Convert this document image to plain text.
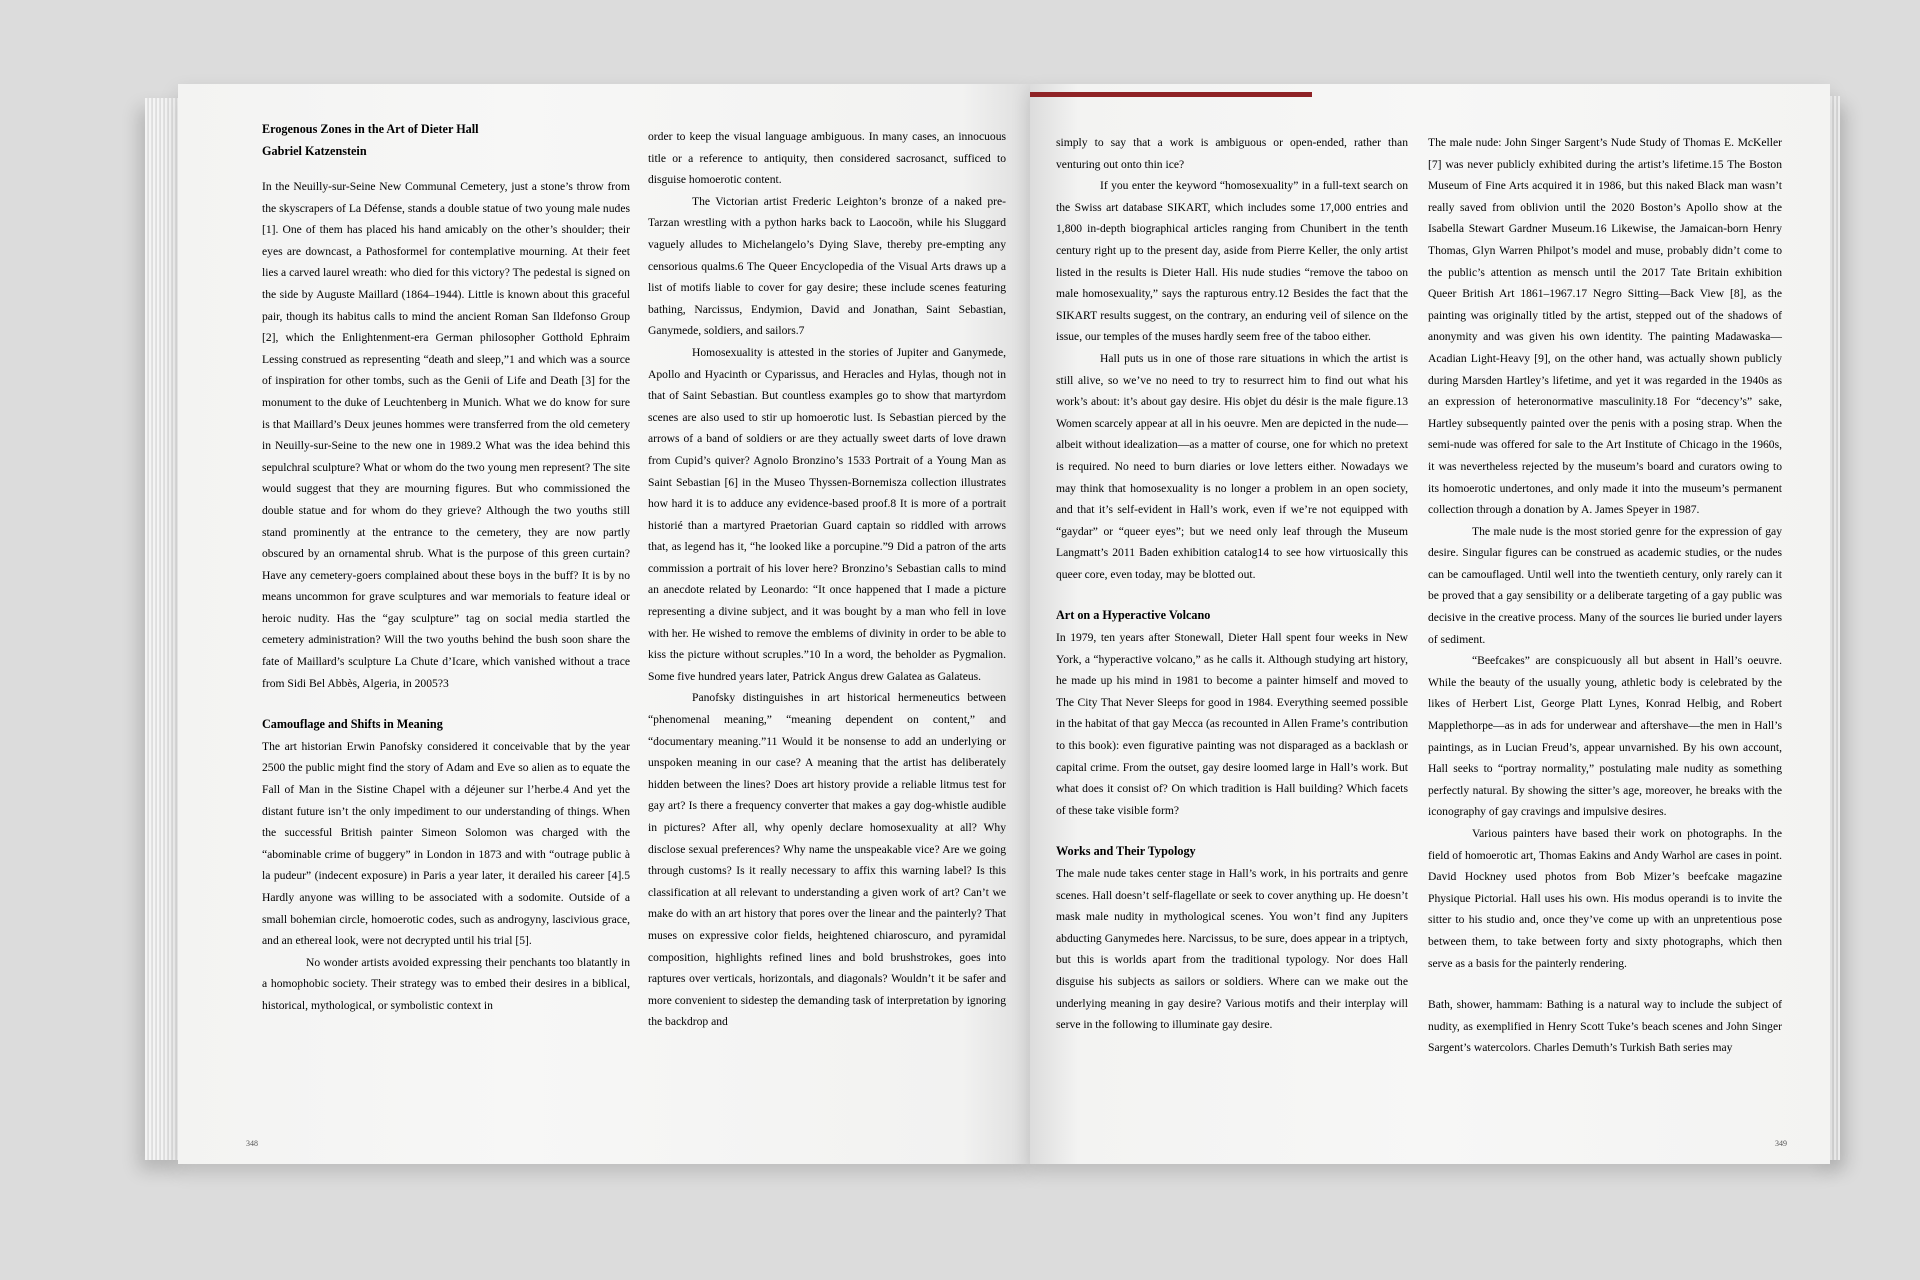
Erogenous Zones in the Art of Dieter Hall
Gabriel Katzenstein

In the Neuilly-sur-Seine New Communal Cemetery, just a stone’s throw from the skyscrapers of La Défense, stands a double statue of two young male nudes [1]. One of them has placed his hand amicably on the other’s shoulder; their eyes are downcast, a Pathosformel for contemplative mourning. At their feet lies a carved laurel wreath: who died for this victory? The pedestal is signed on the side by Auguste Maillard (1864–1944). Little is known about this graceful pair, though its habitus calls to mind the ancient Roman San Ildefonso Group [2], which the Enlightenment-era German philosopher Gotthold Ephraim Lessing construed as representing “death and sleep,”1 and which was a source of inspiration for other tombs, such as the Genii of Life and Death [3] for the monument to the duke of Leuchtenberg in Munich. What we do know for sure is that Maillard’s Deux jeunes hommes were transferred from the old cemetery in Neuilly-sur-Seine to the new one in 1989.2 What was the idea behind this sepulchral sculpture? What or whom do the two young men represent? The site would suggest that they are mourning figures. But who commissioned the double statue and for whom do they grieve? Although the two youths still stand prominently at the entrance to the cemetery, they are now partly obscured by an ornamental shrub. What is the purpose of this green curtain? Have any cemetery-goers complained about these boys in the buff? It is by no means uncommon for grave sculptures and war memorials to feature ideal or heroic nudity. Has the “gay sculpture” tag on social media startled the cemetery administration? Will the two youths behind the bush soon share the fate of Maillard’s sculpture La Chute d’Icare, which vanished without a trace from Sidi Bel Abbès, Algeria, in 2005?3

Camouflage and Shifts in Meaning

The art historian Erwin Panofsky considered it conceivable that by the year 2500 the public might find the story of Adam and Eve so alien as to equate the Fall of Man in the Sistine Chapel with a déjeuner sur l’herbe.4 And yet the distant future isn’t the only impediment to our understanding of things. When the successful British painter Simeon Solomon was charged with the “abominable crime of buggery” in London in 1873 and with “outrage public à la pudeur” (indecent exposure) in Paris a year later, it derailed his career [4].5 Hardly anyone was willing to be associated with a sodomite. Outside of a small bohemian circle, homoerotic codes, such as androgyny, lascivious grace, and an ethereal look, were not decrypted until his trial [5].

No wonder artists avoided expressing their penchants too blatantly in a homophobic society. Their strategy was to embed their desires in a biblical, historical, mythological, or symbolistic context in

order to keep the visual language ambiguous. In many cases, an innocuous title or a reference to antiquity, then considered sacrosanct, sufficed to disguise homoerotic content.

The Victorian artist Frederic Leighton’s bronze of a naked pre-Tarzan wrestling with a python harks back to Laocoön, while his Sluggard vaguely alludes to Michelangelo’s Dying Slave, thereby pre-empting any censorious qualms.6 The Queer Encyclopedia of the Visual Arts draws up a list of motifs liable to cover for gay desire; these include scenes featuring bathing, Narcissus, Endymion, David and Jonathan, Saint Sebastian, Ganymede, soldiers, and sailors.7

Homosexuality is attested in the stories of Jupiter and Ganymede, Apollo and Hyacinth or Cyparissus, and Heracles and Hylas, though not in that of Saint Sebastian. But countless examples go to show that martyrdom scenes are also used to stir up homoerotic lust. Is Sebastian pierced by the arrows of a band of soldiers or are they actually sweet darts of love drawn from Cupid’s quiver? Agnolo Bronzino’s 1533 Portrait of a Young Man as Saint Sebastian [6] in the Museo Thyssen-Bornemisza collection illustrates how hard it is to adduce any evidence-based proof.8 It is more of a portrait historié than a martyred Praetorian Guard captain so riddled with arrows that, as legend has it, “he looked like a porcupine.”9 Did a patron of the arts commission a portrait of his lover here? Bronzino’s Sebastian calls to mind an anecdote related by Leonardo: “It once happened that I made a picture representing a divine subject, and it was bought by a man who fell in love with her. He wished to remove the emblems of divinity in order to be able to kiss the picture without scruples.”10 In a word, the beholder as Pygmalion. Some five hundred years later, Patrick Angus drew Galatea as Galateus.

Panofsky distinguishes in art historical hermeneutics between “phenomenal meaning,” “meaning dependent on content,” and “documentary meaning.”11 Would it be nonsense to add an underlying or unspoken meaning in our case? A meaning that the artist has deliberately hidden between the lines? Does art history provide a reliable litmus test for gay art? Is there a frequency converter that makes a gay dog-whistle audible in pictures? After all, why openly declare homosexuality at all? Why disclose sexual preferences? Why name the unspeakable vice? Are we going through customs? Is it really necessary to affix this warning label? Is this classification at all relevant to understanding a given work of art? Can’t we make do with an art history that pores over the linear and the painterly? That muses on expressive color fields, heightened chiaroscuro, and pyramidal composition, highlights refined lines and bold brushstrokes, goes into raptures over verticals, horizontals, and diagonals? Wouldn’t it be safer and more convenient to sidestep the demanding task of interpretation by ignoring the backdrop and

simply to say that a work is ambiguous or open-ended, rather than venturing out onto thin ice?

If you enter the keyword “homosexuality” in a full-text search on the Swiss art database SIKART, which includes some 17,000 entries and 1,800 in-depth biographical articles ranging from Chunibert in the tenth century right up to the present day, aside from Pierre Keller, the only artist listed in the results is Dieter Hall. His nude studies “remove the taboo on male homosexuality,” says the rapturous entry.12 Besides the fact that the SIKART results suggest, on the contrary, an enduring veil of silence on the issue, our temples of the muses hardly seem free of the taboo either.

Hall puts us in one of those rare situations in which the artist is still alive, so we’ve no need to try to resurrect him to find out what his work’s about: it’s about gay desire. His objet du désir is the male figure.13 Women scarcely appear at all in his oeuvre. Men are depicted in the nude—albeit without idealization—as a matter of course, one for which no pretext is required. No need to burn diaries or love letters either. Nowadays we may think that homosexuality is no longer a problem in an open society, and that it’s self-evident in Hall’s work, even if we’re not equipped with “gaydar” or “queer eyes”; but we need only leaf through the Museum Langmatt’s 2011 Baden exhibition catalog14 to see how virtuosically this queer core, even today, may be blotted out.

Art on a Hyperactive Volcano

In 1979, ten years after Stonewall, Dieter Hall spent four weeks in New York, a “hyperactive volcano,” as he calls it. Although studying art history, he made up his mind in 1981 to become a painter himself and moved to The City That Never Sleeps for good in 1984. Everything seemed possible in the habitat of that gay Mecca (as recounted in Allen Frame’s contribution to this book): even figurative painting was not disparaged as a backlash or capital crime. From the outset, gay desire loomed large in Hall’s work. But what does it consist of? On which tradition is Hall building? Which facets of these take visible form?

Works and Their Typology

The male nude takes center stage in Hall’s work, in his portraits and genre scenes. Hall doesn’t self-flagellate or seek to cover anything up. He doesn’t mask male nudity in mythological scenes. You won’t find any Jupiters abducting Ganymedes here. Narcissus, to be sure, does appear in a triptych, but this is worlds apart from the traditional typology. Nor does Hall disguise his subjects as sailors or soldiers. Where can we make out the underlying meaning in gay desire? Various motifs and their interplay will serve in the following to illuminate gay desire.

The male nude: John Singer Sargent’s Nude Study of Thomas E. McKeller [7] was never publicly exhibited during the artist’s lifetime.15 The Boston Museum of Fine Arts acquired it in 1986, but this naked Black man wasn’t really saved from oblivion until the 2020 Boston’s Apollo show at the Isabella Stewart Gardner Museum.16 Likewise, the Jamaican-born Henry Thomas, Glyn Warren Philpot’s model and muse, probably didn’t come to the public’s attention as mensch until the 2017 Tate Britain exhibition Queer British Art 1861–1967.17 Negro Sitting—Back View [8], as the painting was originally titled by the artist, stepped out of the shadows of anonymity and was given his own identity. The painting Madawaska—Acadian Light-Heavy [9], on the other hand, was actually shown publicly during Marsden Hartley’s lifetime, and yet it was regarded in the 1940s as an expression of heteronormative masculinity.18 For “decency’s” sake, Hartley subsequently painted over the penis with a posing strap. When the semi-nude was offered for sale to the Art Institute of Chicago in the 1960s, it was nevertheless rejected by the museum’s board and curators owing to its homoerotic undertones, and only made it into the museum’s permanent collection through a donation by A. James Speyer in 1987.

The male nude is the most storied genre for the expression of gay desire. Singular figures can be construed as academic studies, or the nudes can be camouflaged. Until well into the twentieth century, only rarely can it be proved that a gay sensibility or a deliberate targeting of a gay public was decisive in the creative process. Many of the sources lie buried under layers of sediment.

“Beefcakes” are conspicuously all but absent in Hall’s oeuvre. While the beauty of the usually young, athletic body is celebrated by the likes of Herbert List, George Platt Lynes, Konrad Helbig, and Robert Mapplethorpe—as in ads for underwear and aftershave—the men in Hall’s paintings, as in Lucian Freud’s, appear unvarnished. By his own account, Hall seeks to “portray normality,” postulating male nudity as something perfectly natural. By showing the sitter’s age, moreover, he breaks with the iconography of gay cravings and impulsive desires.

Various painters have based their work on photographs. In the field of homoerotic art, Thomas Eakins and Andy Warhol are cases in point. David Hockney used photos from Bob Mizer’s beefcake magazine Physique Pictorial. Hall uses his own. His modus operandi is to invite the sitter to his studio and, once they’ve come up with an unpretentious pose between them, to take between forty and sixty photographs, which then serve as a basis for the painterly rendering.

Bath, shower, hammam: Bathing is a natural way to include the subject of nudity, as exemplified in Henry Scott Tuke’s beach scenes and John Singer Sargent’s watercolors. Charles Demuth’s Turkish Bath series may

348	349
